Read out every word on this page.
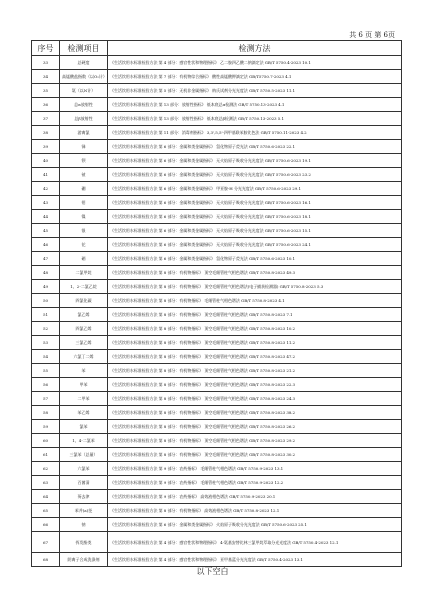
共 6 页 第 6页
序号	检测项目	检测方法
33	总硬度	《生活饮用水标准检验方法 第 4 部分：感官性状和物理指标》 乙二胺四乙酸二钠滴定法 GB/T 5750.4-2023 10.1
34	高锰酸盐指数（以O₂计）	《生活饮用水标准检验方法 第 7 部分：有机物综合指标》 酸性高锰酸钾滴定法 GB/T5750.7-2023 4.1
35	氨（以N计）	《生活饮用水标准检验方法 第 5 部分：无机非金属指标》 纳氏试剂分光光度法 GB/T 5750.5-2023 11.1
36	总α放射性	《生活饮用水标准检验方法 第 13 部分：放射性指标》 低本底总α检测法 GB/T 5750.13-2023 4.1
37	总β放射性	《生活饮用水标准检验方法 第 13 部分：放射性指标》 低本底总β检测法 GB/T 5750.13-2023 5.1
38	游离氯	《生活饮用水标准检验方法 第 11 部分：消毒剂指标》 3,3',5,5'-四甲基联苯胺比色法 GB/T 5750.11-2023 4.2
39	锑	《生活饮用水标准检验方法 第 6 部分：金属和类金属指标》 氢化物原子荧光法 GB/T 5750.6-2023 22.1
40	钡	《生活饮用水标准检验方法 第 6 部分：金属和类金属指标》 无火焰原子吸收分光光度法 GB/T 5750.6-2023 19.1
41	铍	《生活饮用水标准检验方法 第 6 部分：金属和类金属指标》 无火焰原子吸收分光光度法 GB/T 5750.6-2023 23.2
42	硼	《生活饮用水标准检验方法 第 6 部分：金属和类金属指标》 甲亚胺-H 分光光度法 GB/T 5750.6-2023 29.1
43	钼	《生活饮用水标准检验方法 第 6 部分：金属和类金属指标》 无火焰原子吸收分光光度法 GB/T 5750.6-2023 16.1
44	镍	《生活饮用水标准检验方法 第 6 部分：金属和类金属指标》 无火焰原子吸收分光光度法 GB/T 5750.6-2023 18.1
45	银	《生活饮用水标准检验方法 第 6 部分：金属和类金属指标》 无火焰原子吸收分光光度法 GB/T 5750.6-2023 15.1
46	铊	《生活饮用水标准检验方法 第 6 部分：金属和类金属指标》 无火焰原子吸收分光光度法 GB/T 5750.6-2023 24.1
47	硒	《生活饮用水标准检验方法 第 6 部分：金属和类金属指标》 氢化物原子荧光法 GB/T 5750.6-2023 10.1
48	二氯甲烷	《生活饮用水标准检验方法 第 8 部分：有机物指标》 顶空毛细管柱气相色谱法 GB/T 5750.8-2023 49.3
49	1、2-二氯乙烷	《生活饮用水标准检验方法 第 8 部分：有机物指标》 顶空毛细管柱气相色谱法(电子捕获检测器) GB/T 5750.8-2023 5.3
50	四氯化碳	《生活饮用水标准检验方法 第 8 部分：有机物指标》 毛细管柱气相色谱法 GB/T 5750.8-2023 4.1
51	氯乙烯	《生活饮用水标准检验方法 第 8 部分：有机物指标》 顶空毛细管柱气相色谱法 GB/T 5750.8-2023 7.1
52	四氯乙烯	《生活饮用水标准检验方法 第 8 部分：有机物指标》 顶空毛细管柱气相色谱法 GB/T 5750.8-2023 10.2
53	三氯乙烯	《生活饮用水标准检验方法 第 8 部分：有机物指标》 顶空毛细管柱气相色谱法 GB/T 5750.8-2023 11.2
54	六氯丁二烯	《生活饮用水标准检验方法 第 8 部分：有机物指标》 顶空毛细管柱气相色谱法 GB/T 5750.8-2023 47.2
55	苯	《生活饮用水标准检验方法 第 8 部分：有机物指标》 顶空毛细管柱气相色谱法 GB/T 5750.8-2023 21.2
56	甲苯	《生活饮用水标准检验方法 第 8 部分：有机物指标》 顶空毛细管柱气相色谱法 GB/T 5750.8-2023 22.3
57	二甲苯	《生活饮用水标准检验方法 第 8 部分：有机物指标》 顶空毛细管柱气相色谱法 GB/T 5750.8-2023 24.3
58	苯乙烯	《生活饮用水标准检验方法 第 8 部分：有机物指标》 顶空毛细管柱气相色谱法 GB/T 5750.8-2023 38.2
59	氯苯	《生活饮用水标准检验方法 第 8 部分：有机物指标》 顶空毛细管柱气相色谱法 GB/T 5750.8-2023 26.2
60	1、4-二氯苯	《生活饮用水标准检验方法 第 8 部分：有机物指标》 顶空毛细管柱气相色谱法 GB/T 5750.8-2023 29.2
61	三氯苯（总量）	《生活饮用水标准检验方法 第 8 部分：有机物指标》 顶空毛细管柱气相色谱法 GB/T 5750.8-2023 30.2
62	六氯苯	《生活饮用水标准检验方法 第 9 部分：农药指标》 毛细管柱气相色谱法 GB/T 5750.9-2023 13.1
63	百菌清	《生活饮用水标准检验方法 第 9 部分：农药指标》 毛细管柱气相色谱法 GB/T 5750.9-2023 12.2
64	莠去津	《生活饮用水标准检验方法 第 9 部分：农药指标》 高效液相色谱法 GB/T 5750.9-2023 20.1
65	苯并(a)芘	《生活饮用水标准检验方法 第 8 部分：有机物指标》 高效液相色谱法 GB/T 5750.8-2023 12.1
66	钠	《生活饮用水标准检验方法 第 6 部分：金属和类金属指标》 火焰原子吸收分光光度法 GB/T 5750.6-2023 25.1
67	挥发酚类	《生活饮用水标准检验方法 第 4 部分：感官性状和物理指标》 4-氨基安替比林三氯甲烷萃取分光光度法 GB/T 5750.4-2023 12.1
68	阴离子合成洗涤剂	《生活饮用水标准检验方法 第 4 部分：感官性状和物理指标》 亚甲基蓝分光光度法 GB/T 5750.4-2023 13.1
以下空白
